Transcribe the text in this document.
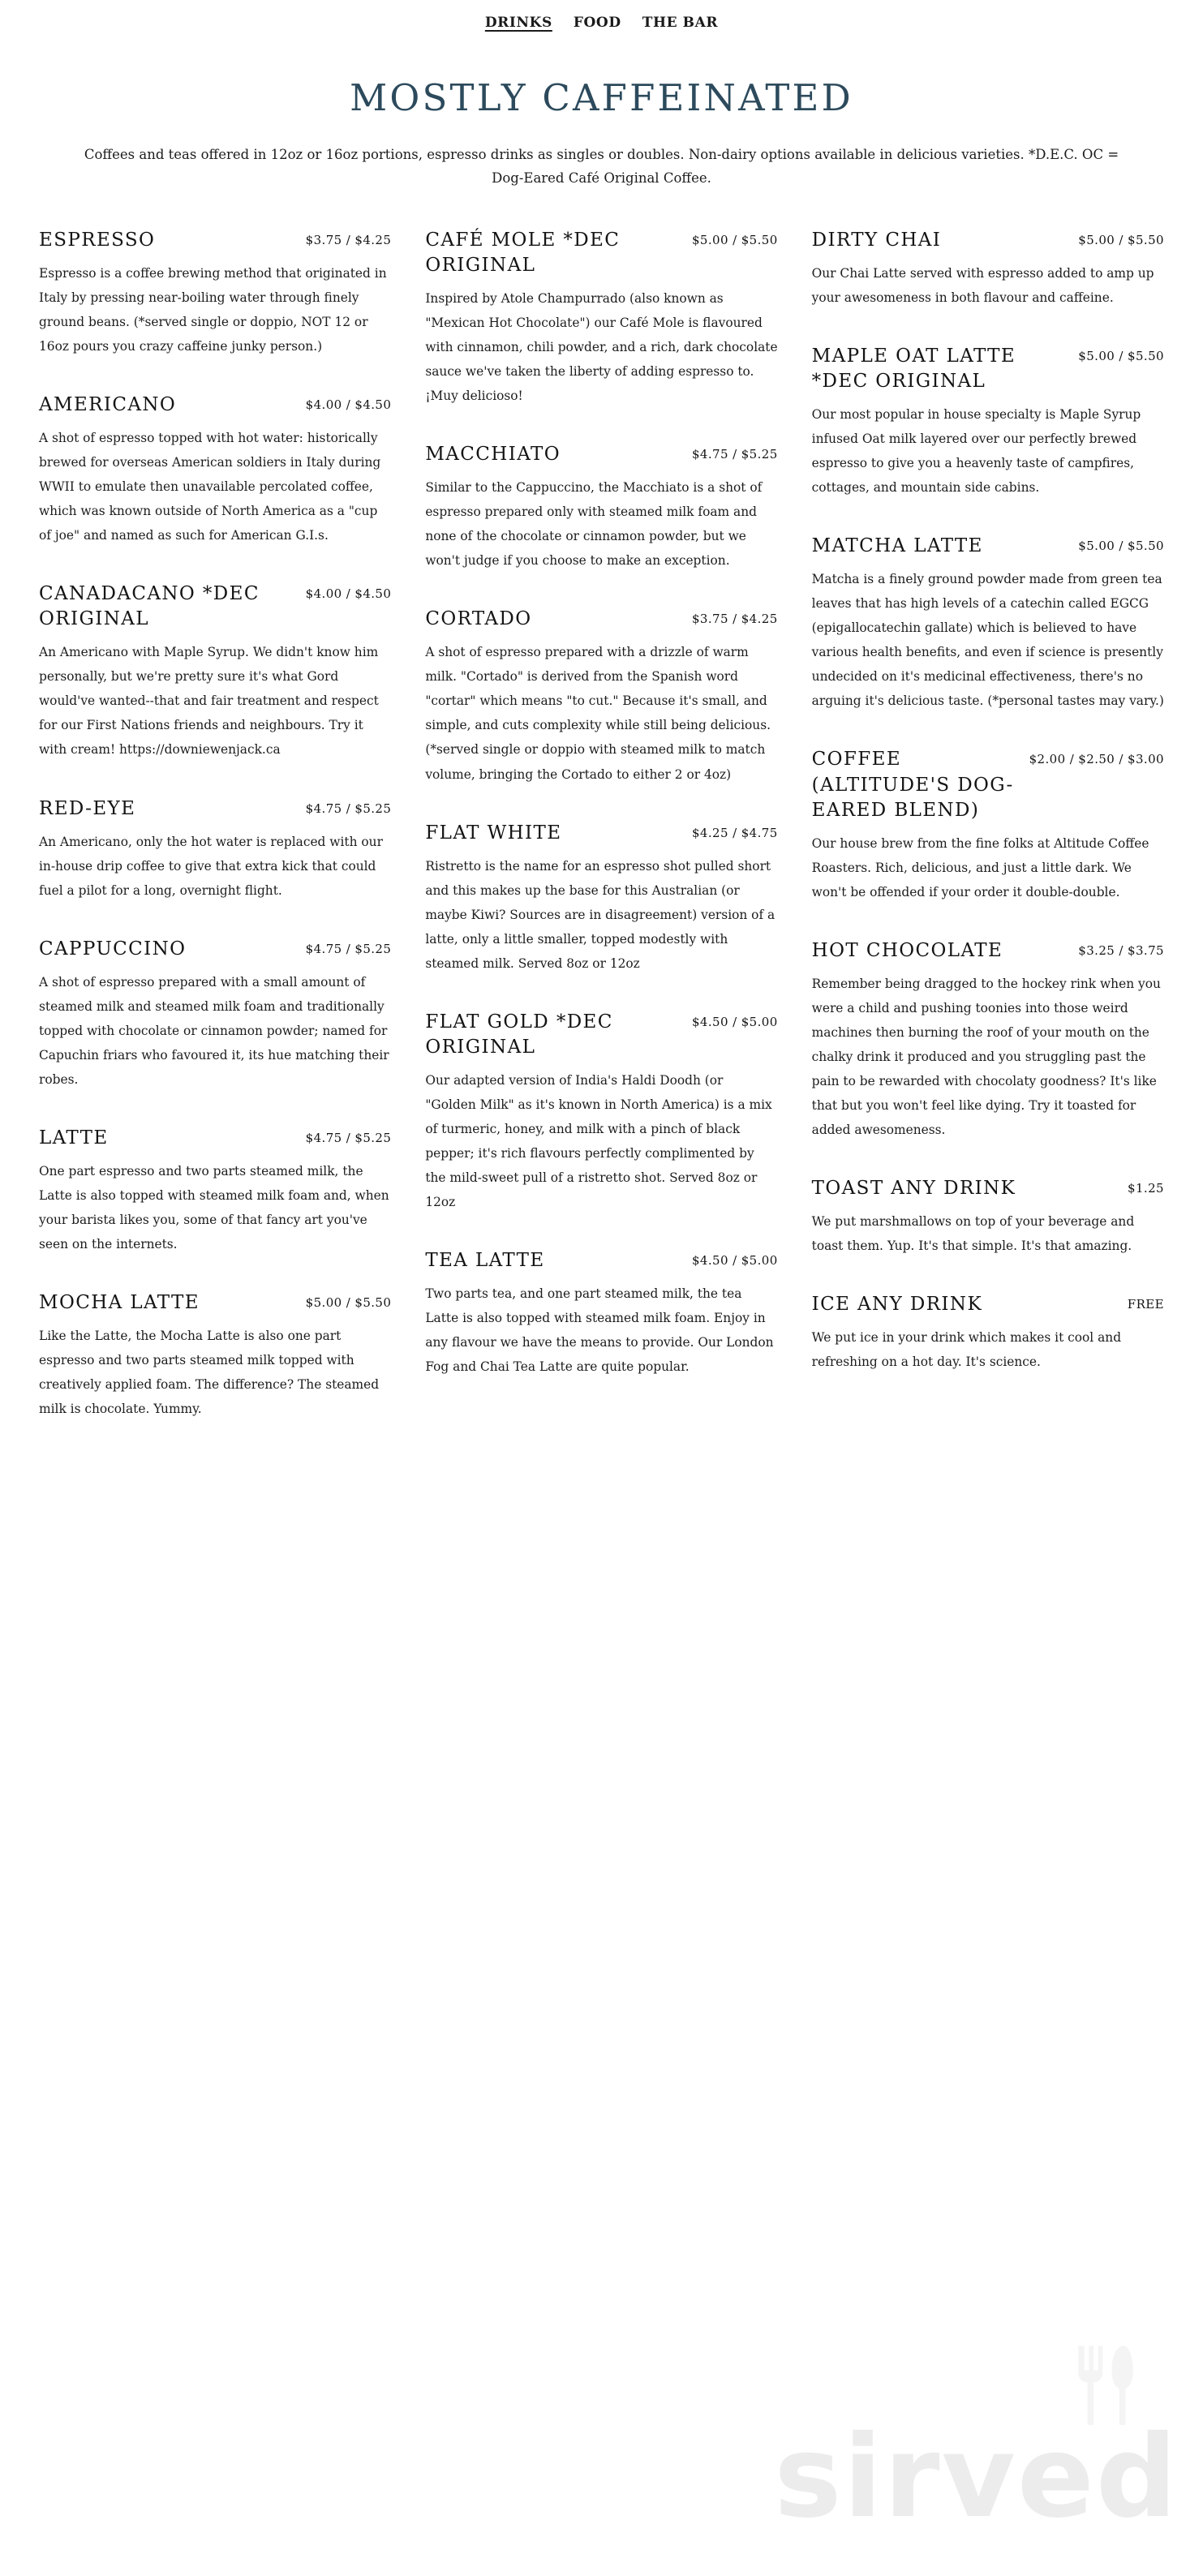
DRINKS FOOD THE BAR
MOSTLY CAFFEINATED

Coffees and teas offered in 12oz or 16oz portions, espresso drinks as singles or doubles. Non-dairy options available in delicious varieties. *D.E.C. OC = Dog-Eared Café Original Coffee.

ESPRESSO	$3.75 / $4.25
Espresso is a coffee brewing method that originated in Italy by pressing near-boiling water through finely ground beans. (*served single or doppio, NOT 12 or 16oz pours you crazy caffeine junky person.)
AMERICANO	$4.00 / $4.50
A shot of espresso topped with hot water: historically brewed for overseas American soldiers in Italy during WWII to emulate then unavailable percolated coffee, which was known outside of North America as a "cup of joe" and named as such for American G.I.s.
CANADACANO *DEC ORIGINAL
$4.00 / $4.50
An Americano with Maple Syrup. We didn't know him personally, but we're pretty sure it's what Gord would've wanted--that and fair treatment and respect for our First Nations friends and neighbours. Try it with cream! https://downiewenjack.ca
RED-EYE	$4.75 / $5.25
An Americano, only the hot water is replaced with our in-house drip coffee to give that extra kick that could fuel a pilot for a long, overnight flight.
CAPPUCCINO	$4.75 / $5.25
A shot of espresso prepared with a small amount of steamed milk and steamed milk foam and traditionally topped with chocolate or cinnamon powder; named for Capuchin friars who favoured it, its hue matching their robes.
LATTE	$4.75 / $5.25
One part espresso and two parts steamed milk, the Latte is also topped with steamed milk foam and, when your barista likes you, some of that fancy art you've seen on the internets.
MOCHA LATTE	$5.00 / $5.50
Like the Latte, the Mocha Latte is also one part espresso and two parts steamed milk topped with creatively applied foam. The difference? The steamed milk is chocolate. Yummy.
CAFÉ MOLE *DEC ORIGINAL
$5.00 / $5.50
Inspired by Atole Champurrado (also known as "Mexican Hot Chocolate") our Café Mole is flavoured with cinnamon, chili powder, and a rich, dark chocolate sauce we've taken the liberty of adding espresso to. ¡Muy delicioso!
MACCHIATO	$4.75 / $5.25
Similar to the Cappuccino, the Macchiato is a shot of espresso prepared only with steamed milk foam and none of the chocolate or cinnamon powder, but we won't judge if you choose to make an exception.
CORTADO	$3.75 / $4.25
A shot of espresso prepared with a drizzle of warm milk. "Cortado" is derived from the Spanish word "cortar" which means "to cut." Because it's small, and simple, and cuts complexity while still being delicious. (*served single or doppio with steamed milk to match volume, bringing the Cortado to either 2 or 4oz)
FLAT WHITE	$4.25 / $4.75
Ristretto is the name for an espresso shot pulled short and this makes up the base for this Australian (or maybe Kiwi? Sources are in disagreement) version of a latte, only a little smaller, topped modestly with steamed milk. Served 8oz or 12oz
FLAT GOLD *DEC ORIGINAL
$4.50 / $5.00
Our adapted version of India's Haldi Doodh (or "Golden Milk" as it's known in North America) is a mix of turmeric, honey, and milk with a pinch of black pepper; it's rich flavours perfectly complimented by the mild-sweet pull of a ristretto shot. Served 8oz or 12oz
TEA LATTE	$4.50 / $5.00
Two parts tea, and one part steamed milk, the tea Latte is also topped with steamed milk foam. Enjoy in any flavour we have the means to provide. Our London Fog and Chai Tea Latte are quite popular.
DIRTY CHAI	$5.00 / $5.50
Our Chai Latte served with espresso added to amp up your awesomeness in both flavour and caffeine.
MAPLE OAT LATTE *DEC ORIGINAL
$5.00 / $5.50
Our most popular in house specialty is Maple Syrup infused Oat milk layered over our perfectly brewed espresso to give you a heavenly taste of campfires, cottages, and mountain side cabins.
MATCHA LATTE	$5.00 / $5.50
Matcha is a finely ground powder made from green tea leaves that has high levels of a catechin called EGCG (epigallocatechin gallate) which is believed to have various health benefits, and even if science is presently undecided on it's medicinal effectiveness, there's no arguing it's delicious taste. (*personal tastes may vary.)
COFFEE (ALTITUDE'S DOG-EARED BLEND)
$2.00 / $2.50 / $3.00
Our house brew from the fine folks at Altitude Coffee Roasters. Rich, delicious, and just a little dark. We won't be offended if your order it double-double.
HOT CHOCOLATE	$3.25 / $3.75
Remember being dragged to the hockey rink when you were a child and pushing toonies into those weird machines then burning the roof of your mouth on the chalky drink it produced and you struggling past the pain to be rewarded with chocolaty goodness? It's like that but you won't feel like dying. Try it toasted for added awesomeness.
TOAST ANY DRINK	$1.25
We put marshmallows on top of your beverage and toast them. Yup. It's that simple. It's that amazing.
ICE ANY DRINK	FREE
We put ice in your drink which makes it cool and refreshing on a hot day. It's science.
sirved
